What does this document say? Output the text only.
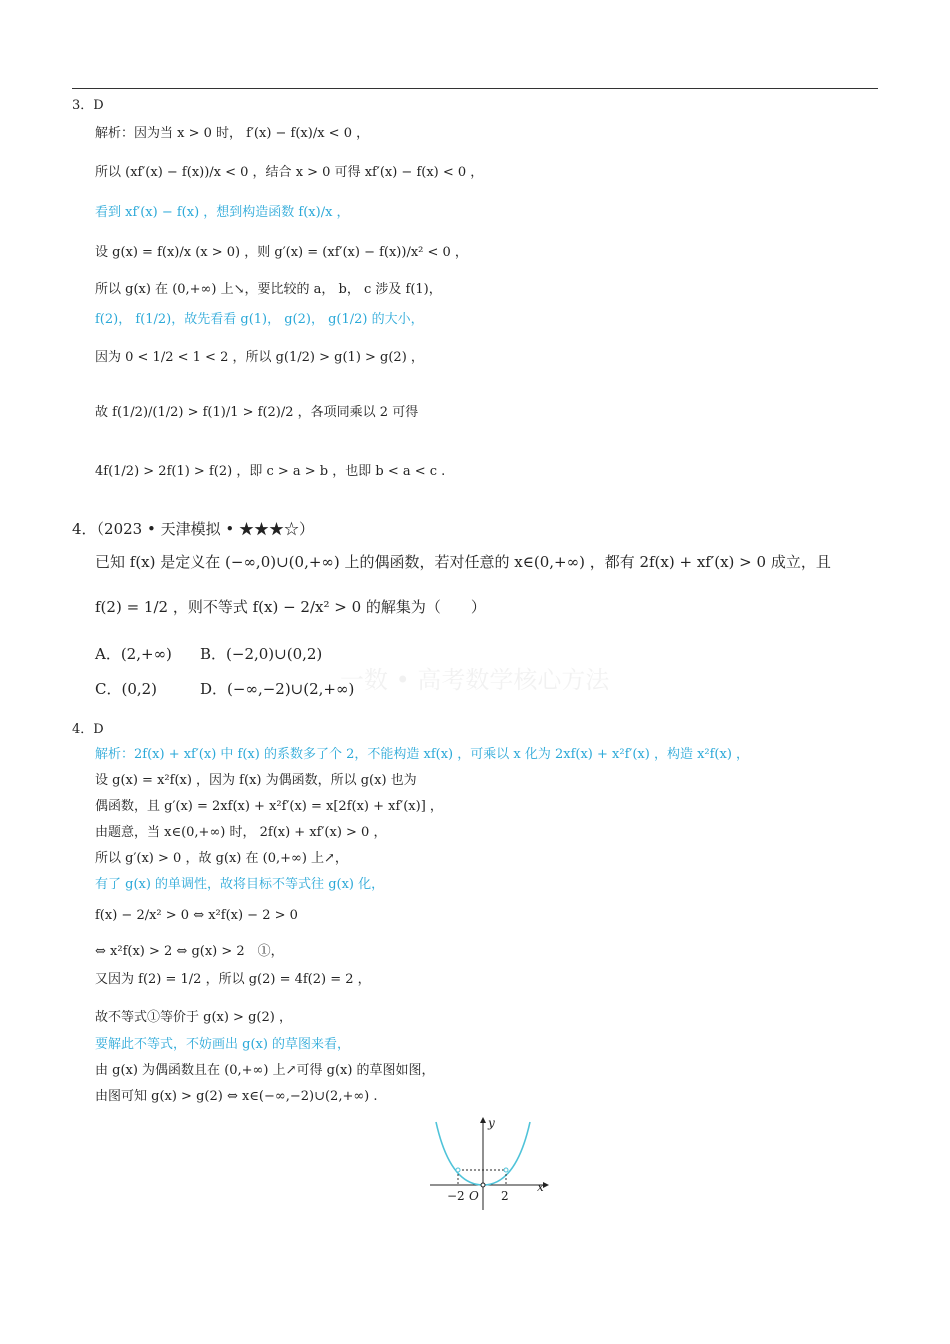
3．D
解析：因为当 x > 0 时， f′(x) − f(x)/x < 0 ，
所以 (xf′(x) − f(x))/x < 0 ，结合 x > 0 可得 xf′(x) − f(x) < 0 ，
看到 xf′(x) − f(x) ，想到构造函数 f(x)/x ，
设 g(x) = f(x)/x (x > 0) ，则 g′(x) = (xf′(x) − f(x))/x² < 0 ，
所以 g(x) 在 (0,+∞) 上↘，要比较的 a， b， c 涉及 f(1)，
f(2)， f(1/2)，故先看看 g(1)， g(2)， g(1/2) 的大小，
因为 0 < 1/2 < 1 < 2 ，所以 g(1/2) > g(1) > g(2) ，
故 f(1/2)/(1/2) > f(1)/1 > f(2)/2 ，各项同乘以 2 可得
4f(1/2) > 2f(1) > f(2) ，即 c > a > b ，也即 b < a < c .
4．（2023 • 天津模拟 • ★★★☆）
已知 f(x) 是定义在 (−∞,0)∪(0,+∞) 上的偶函数，若对任意的 x∈(0,+∞) ，都有 2f(x) + xf′(x) > 0 成立，且
f(2) = 1/2 ，则不等式 f(x) − 2/x² > 0 的解集为（　　）
A．(2,+∞) B．(−2,0)∪(0,2)
C．(0,2)	D．(−∞,−2)∪(2,+∞)
一数 • 高考数学核心方法
4．D
解析：2f(x) + xf′(x) 中 f(x) 的系数多了个 2，不能构造 xf(x) ，可乘以 x 化为 2xf(x) + x²f′(x) ，构造 x²f(x) ，
设 g(x) = x²f(x) ，因为 f(x) 为偶函数，所以 g(x) 也为
偶函数，且 g′(x) = 2xf(x) + x²f′(x) = x[2f(x) + xf′(x)] ，
由题意，当 x∈(0,+∞) 时， 2f(x) + xf′(x) > 0 ，
所以 g′(x) > 0 ，故 g(x) 在 (0,+∞) 上↗，
有了 g(x) 的单调性，故将目标不等式往 g(x) 化，
f(x) − 2/x² > 0 ⇔ x²f(x) − 2 > 0
⇔ x²f(x) > 2 ⇔ g(x) > 2　①，
又因为 f(2) = 1/2 ，所以 g(2) = 4f(2) = 2 ，
故不等式①等价于 g(x) > g(2) ，
要解此不等式，不妨画出 g(x) 的草图来看，
由 g(x) 为偶函数且在 (0,+∞) 上↗可得 g(x) 的草图如图，
由图可知 g(x) > g(2) ⇔ x∈(−∞,−2)∪(2,+∞) .
y
x
O
−2	2
